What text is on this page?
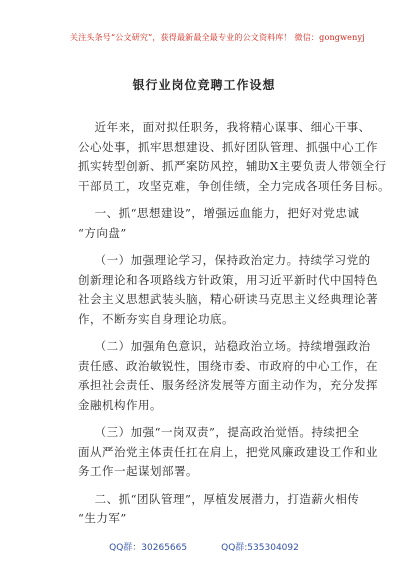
关注头条号“公文研究”，获得最新最全最专业的公文资料库！ 微信：gongwenyj
银行业岗位竞聘工作设想

近年来，面对拟任职务，我将精心谋事、细心干事、

公心处事，抓牢思想建设、抓好团队管理、抓强中心工作

抓实转型创新、抓严案防风控，辅助X主要负责人带领全行

干部员工，攻坚克难，争创佳绩，全力完成各项任务目标。

一、抓“思想建设”，增强远血能力，把好对党忠诚

“方向盘”

（一）加强理论学习，保持政治定力。持续学习党的

创新理论和各项路线方针政策，用习近平新时代中国特色

社会主义思想武装头脑，精心研读马克思主义经典理论著

作，不断夯实自身理论功底。

（二）加强角色意识，站稳政治立场。持续增强政治

责任感、政治敏锐性，围绕市委、市政府的中心工作，在

承担社会责任、服务经济发展等方面主动作为，充分发挥

金融机构作用。

（三）加强“一岗双责”，提高政治觉悟。持续把全

面从严治党主体责任扛在肩上，把党风廉政建设工作和业

务工作一起谋划部署。

二、抓“团队管理”，厚植发展潜力，打造薪火相传

“生力军”

QQ群：30265665	QQ群:535304092
